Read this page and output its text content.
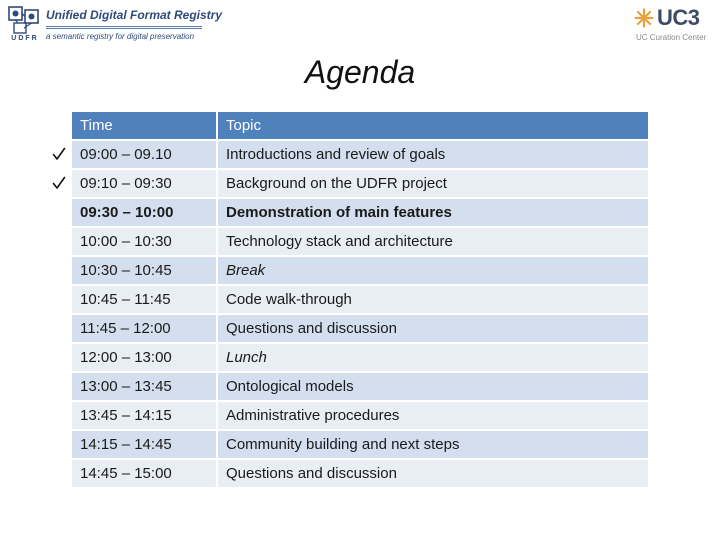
UDFR
Unified Digital Format Registry
a semantic registry for digital preservation
UC3
UC Curation Center
Agenda
Time	Topic
09:00 – 09.10	Introductions and review of goals
09:10 – 09:30	Background on the UDFR project
09:30 – 10:00	Demonstration of main features
10:00 – 10:30	Technology stack and architecture
10:30 – 10:45	Break
10:45 – 11:45	Code walk-through
11:45 – 12:00	Questions and discussion
12:00 – 13:00	Lunch
13:00 – 13:45	Ontological models
13:45 – 14:15	Administrative procedures
14:15 – 14:45	Community building and next steps
14:45 – 15:00	Questions and discussion
